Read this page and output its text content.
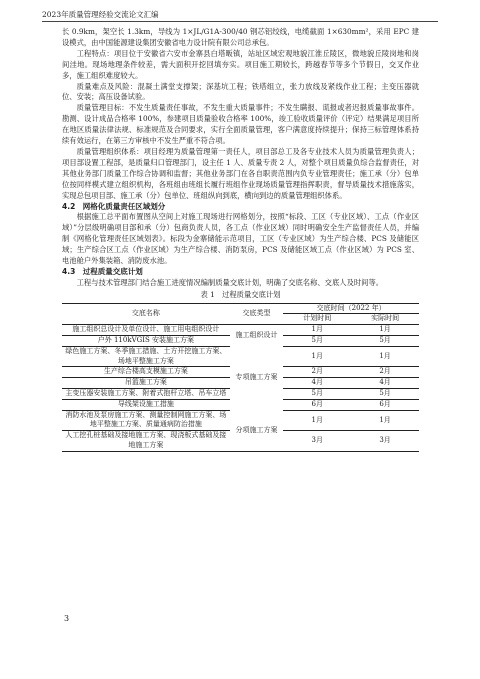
2023年质量管理经验交流论文汇编

长 0.9km，架空长 1.3km，导线为 1×JL/G1A-300/40 钢芯铝绞线，电缆截面 1×630mm²，采用 EPC 建设模式，由中国能源建设集团安徽省电力设计院有限公司总承包。

工程特点：项目位于安徽省六安市金寨县白塔畈镇，站址区域宏观地貌江淮丘陵区，微地貌丘陵岗地和岗间洼地。现场地理条件较差，需大面积开挖回填夯实。项目施工期较长，跨越春节等多个节假日，交叉作业多，施工组织难度较大。

质量难点及风险：混凝土满堂支撑架；深基坑工程；铁塔组立，张力放线及紧线作业工程；主变压器就位、安装；高压设备试验。

质量管理目标：不发生质量责任事故，不发生重大质量事件；不发生瞒报、谎报或者迟报质量事故事件。勘测、设计成品合格率 100%，参建项目质量验收合格率 100%，竣工验收质量评价（评定）结果满足项目所在地区质量法律法规、标准规范及合同要求，实行全面质量管理，客户满意度持续提升；保持三标管理体系持续有效运行，在第三方审核中不发生严重不符合项。

质量管理组织体系：项目经理为质量管理第一责任人，项目部总工及各专业技术人员为质量管理负责人；项目部设置工程部，是质量归口管理部门，设主任 1 人、质量专责 2 人，对整个项目质量负综合监督责任，对其他业务部门质量工作综合协调和监督；其他业务部门在各自职责范围内负专业管理责任；施工承（分）包单位按同样模式建立组织机构，各班组由班组长履行班组作业现场质量管理指挥职责，督导质量技术措施落实，实现总包项目部、施工承（分）包单位、班组纵向到底，横向到边的质量管理组织体系。

4.2　网格化质量责任区域划分

根据施工总平面布置图从空间上对施工现场进行网格划分，按照“标段、工区（专业区域）、工点（作业区域）”分层级明确项目部和承（分）包商负责人员，各工点（作业区域）同时明确安全生产监督责任人员，并编制《网格化管理责任区域划表》。标段为金寨储能示范项目，工区（专业区域）为生产综合楼、PCS 及储能区域；生产综合区工点（作业区域）为生产综合楼、消防泵房，PCS 及储能区域工点（作业区域）为 PCS 室、电池舱户外集装箱、消防废水池。

4.3　过程质量交底计划

工程与技术管理部门结合施工进度情况编制质量交底计划，明确了交底名称、交底人及时间等。

表 1　过程质量交底计划

交底名称	交底类型	交底时间（2022 年）	
		计划时间	实际时间
施工组织总设计及单位设计、施工用电组织设计	施工组织设计	1月	1月
户外 110kVGIS 安装施工方案		5月	5月
绿色施工方案、冬季施工措施、土方开挖施工方案、场地平整施工方案	专项施工方案	1月	1月
生产综合楼高支模施工方案		2月	2月
吊篮施工方案		4月	4月
主变压器安装施工方案、附着式抱杆立塔、吊车立塔		5月	5月
导线架设施工措施		6月	6月
消防水池及泵房施工方案、测量控制网施工方案、场地平整施工方案、质量通病防治措施	分项施工方案	1月	1月
人工挖孔桩基础及接地施工方案、现浇板式基础及接地施工方案		3月	3月
3
